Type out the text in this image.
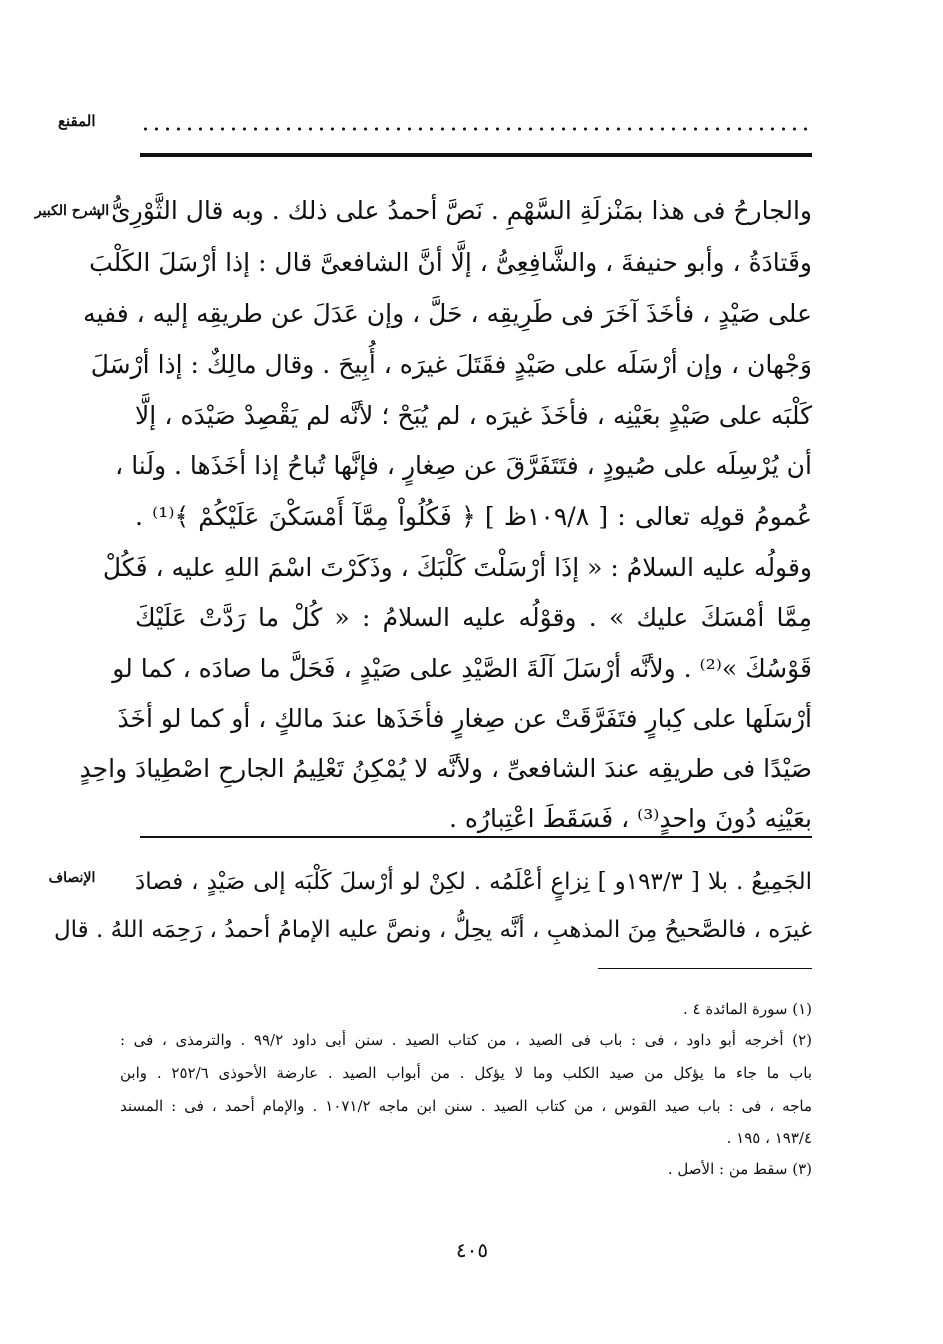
المقنع
الشرح الكبير
والجارحُ فى هذا بمَنْزلَةِ السَّهْمِ . نَصَّ أحمدُ على ذلك . وبه قال الثَّوْرِىُّ ،
وقَتادَةُ ، وأبو حنيفةَ ، والشَّافِعِىُّ ، إلَّا أنَّ الشافعىَّ قال : إذا أرْسَلَ الكَلْبَ
على صَيْدٍ ، فأخَذَ آخَرَ فى طَرِيقِه ، حَلَّ ، وإن عَدَلَ عن طريقِه إليه ، ففيه
وَجْهان ، وإن أرْسَلَه على صَيْدٍ فقَتَلَ غيرَه ، أُبِيحَ . وقال مالِكٌ : إذا أرْسَلَ
كَلْبَه على صَيْدٍ بعَيْنِه ، فأخَذَ غيرَه ، لم يُبَحْ ؛ لأنَّه لم يَقْصِدْ صَيْدَه ، إلَّا
أن يُرْسِلَه على صُيودٍ ، فتَتَفَرَّقَ عن صِغارٍ ، فإنَّها تُباحُ إذا أخَذَها . ولَنا ،
عُمومُ قولِه تعالى : [ ١٠٩/٨ظ ] ﴿ فَكُلُواْ مِمَّآ أَمْسَكْنَ عَلَيْكُمْ ﴾⁽¹⁾ .
وقولُه عليه السلامُ : « إذَا أرْسَلْتَ كَلْبَكَ ، وذَكَرْتَ اسْمَ اللهِ عليه ، فَكُلْ
مِمَّا أمْسَكَ عليك » . وقوْلُه عليه السلامُ : « كُلْ ما رَدَّتْ عَلَيْكَ
قَوْسُكَ »⁽²⁾ . ولأنَّه أرْسَلَ آلَةَ الصَّيْدِ على صَيْدٍ ، فَحَلَّ ما صادَه ، كما لو
أرْسَلَها على كِبارٍ فتَفَرَّقَتْ عن صِغارٍ فأخَذَها عندَ مالكٍ ، أو كما لو أخَذَ
صَيْدًا فى طريقِه عندَ الشافعىِّ ، ولأنَّه لا يُمْكِنُ تَعْلِيمُ الجارحِ اصْطِيادَ واحِدٍ
بعَيْنِه دُونَ واحدٍ⁽³⁾ ، فَسَقَطَ اعْتِبارُه .
الإنصاف	الجَمِيعُ . بلا [ ١٩٣/٣و ] نِزاعٍ أعْلَمُه . لكِنْ لو أرْسلَ كَلْبَه إلى صَيْدٍ ، فصادَ
غيرَه ، فالصَّحيحُ مِنَ المذهبِ ، أنَّه يحِلُّ ، ونصَّ عليه الإمامُ أحمدُ ، رَحِمَه اللهُ . قال
(١) سورة المائدة ٤ .
(٢) أخرجه أبو داود ، فى : باب فى الصيد ، من كتاب الصيد . سنن أبى داود ٩٩/٢ . والترمذى ، فى :
باب ما جاء ما يؤكل من صيد الكلب وما لا يؤكل . من أبواب الصيد . عارضة الأحوذى ٢٥٢/٦ . وابن
ماجه ، فى : باب صيد القوس ، من كتاب الصيد . سنن ابن ماجه ١٠٧١/٢ . والإمام أحمد ، فى : المسند
١٩٣/٤ ، ١٩٥ .
(٣) سقط من : الأصل .
٤٠٥
